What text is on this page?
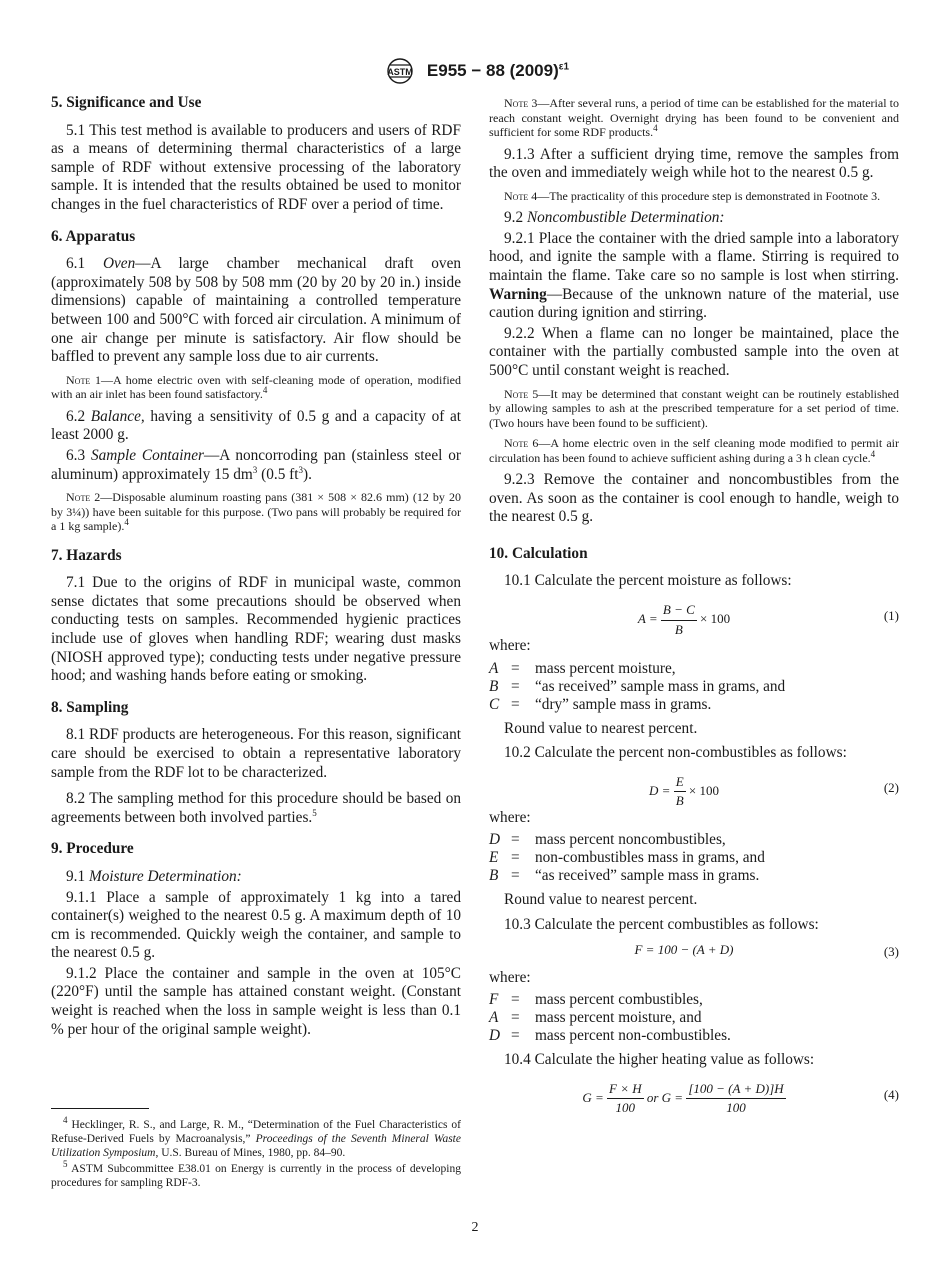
ASTM E955 − 88 $(2009)^{\varepsilon 1}$
5. Significance and Use

5.1 This test method is available to producers and users of RDF as a means of determining thermal characteristics of a large sample of RDF without extensive processing of the laboratory sample. It is intended that the results obtained be used to monitor changes in the fuel characteristics of RDF over a period of time.

6. Apparatus

6.1 Oven—A large chamber mechanical draft oven (approximately 508 by 508 by 508 mm (20 by 20 by 20 in.) inside dimensions) capable of maintaining a controlled temperature between 100 and 500°C with forced air circulation. A minimum of one air change per minute is satisfactory. Air flow should be baffled to prevent any sample loss due to air currents.

Note 1—A home electric oven with self-cleaning mode of operation, modified with an air inlet has been found satisfactory.$^4$

6.2 Balance, having a sensitivity of 0.5 g and a capacity of at least 2000 g.

6.3 Sample Container—A noncorroding pan (stainless steel or aluminum) approximately 15 $dm^3$ (0.5 $ft^3$).

Note 2—Disposable aluminum roasting pans (381 × 508 × 82.6 mm) (12 by 20 by 3¼)) have been suitable for this purpose. (Two pans will probably be required for a 1 kg sample).$^4$

7. Hazards

7.1 Due to the origins of RDF in municipal waste, common sense dictates that some precautions should be observed when conducting tests on samples. Recommended hygienic practices include use of gloves when handling RDF; wearing dust masks (NIOSH approved type); conducting tests under negative pressure hood; and washing hands before eating or smoking.

8. Sampling

8.1 RDF products are heterogeneous. For this reason, significant care should be exercised to obtain a representative laboratory sample from the RDF lot to be characterized.

8.2 The sampling method for this procedure should be based on agreements between both involved parties.$^5$

9. Procedure

9.1 Moisture Determination:

9.1.1 Place a sample of approximately 1 kg into a tared container(s) weighed to the nearest 0.5 g. A maximum depth of 10 cm is recommended. Quickly weigh the container, and sample to the nearest 0.5 g.

9.1.2 Place the container and sample in the oven at 105°C (220°F) until the sample has attained constant weight. (Constant weight is reached when the loss in sample weight is less than 0.1 % per hour of the original sample weight).

$^4$ Hecklinger, R. S., and Large, R. M., “Determination of the Fuel Characteristics of Refuse-Derived Fuels by Macroanalysis,” Proceedings of the Seventh Mineral Waste Utilization Symposium, U.S. Bureau of Mines, 1980, pp. 84–90.

$^5$ ASTM Subcommittee E38.01 on Energy is currently in the process of developing procedures for sampling RDF-3.

Note 3—After several runs, a period of time can be established for the material to reach constant weight. Overnight drying has been found to be convenient and sufficient for some RDF products.$^4$

9.1.3 After a sufficient drying time, remove the samples from the oven and immediately weigh while hot to the nearest 0.5 g.

Note 4—The practicality of this procedure step is demonstrated in Footnote 3.

9.2 Noncombustible Determination:

9.2.1 Place the container with the dried sample into a laboratory hood, and ignite the sample with a flame. Stirring is required to maintain the flame. Take care so no sample is lost when stirring. Warning—Because of the unknown nature of the material, use caution during ignition and stirring.

9.2.2 When a flame can no longer be maintained, place the container with the partially combusted sample into the oven at 500°C until constant weight is reached.

Note 5—It may be determined that constant weight can be routinely established by allowing samples to ash at the prescribed temperature for a set period of time. (Two hours have been found to be sufficient).

Note 6—A home electric oven in the self cleaning mode modified to permit air circulation has been found to achieve sufficient ashing during a 3 h clean cycle.$^4$

9.2.3 Remove the container and noncombustibles from the oven. As soon as the container is cool enough to handle, weigh to the nearest 0.5 g.

10. Calculation

10.1 Calculate the percent moisture as follows:

$A = \frac{B - C}{B} \times 100$	(1)

where:

A =	mass percent moisture,
B =	“as received” sample mass in grams, and
C =	“dry” sample mass in grams.

Round value to nearest percent.

10.2 Calculate the percent non-combustibles as follows:

$D = \frac{E}{B} \times 100$	(2)

where:

D =	mass percent noncombustibles,
E =	non-combustibles mass in grams, and
B =	“as received” sample mass in grams.

Round value to nearest percent.

10.3 Calculate the percent combustibles as follows:

F = 100 − (A + D)	(3)

where:

F =	mass percent combustibles,
A =	mass percent moisture, and
D =	mass percent non-combustibles.

10.4 Calculate the higher heating value as follows:

$G = \frac{F \times H}{100}$ or $G = \frac{[100 - (A + D)]H}{100}$	(4)
2
